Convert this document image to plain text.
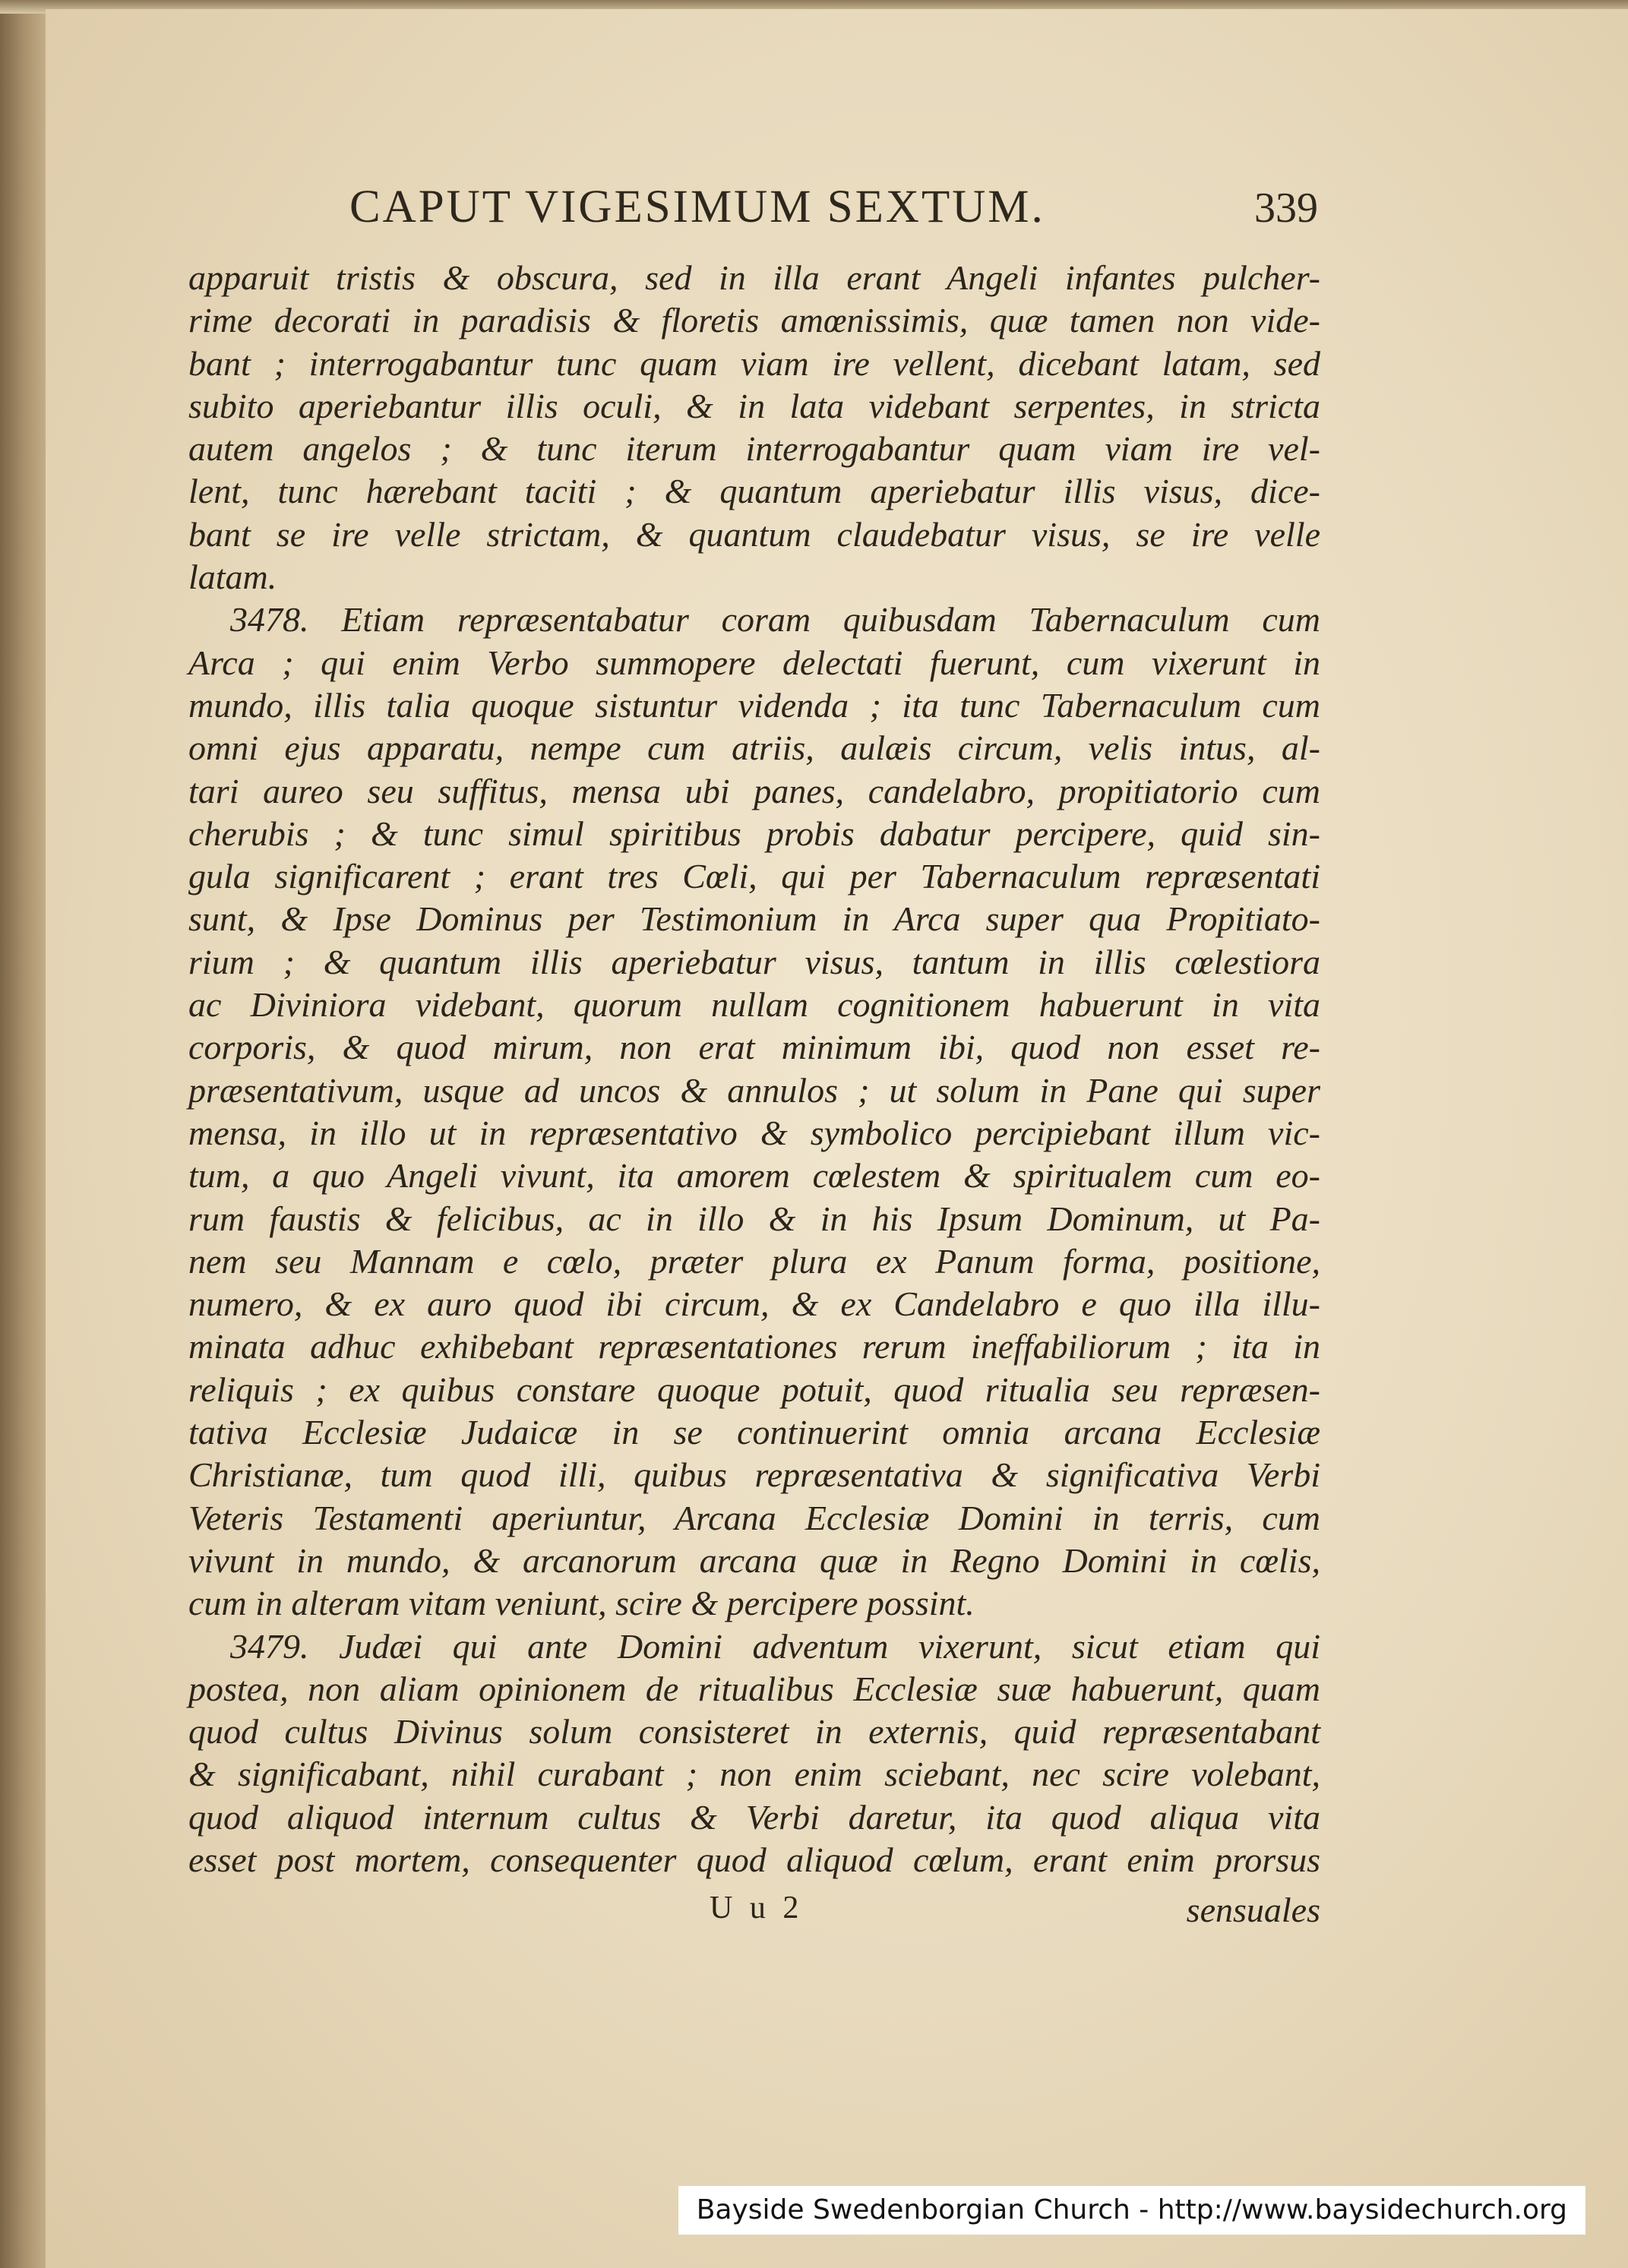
CAPUT VIGESIMUM SEXTUM.	339
apparuit tristis & obscura, sed in illa erant Angeli infantes pulcher-
rime decorati in paradisis & floretis amœnissimis, quæ tamen non vide-
bant ; interrogabantur tunc quam viam ire vellent, dicebant latam, sed
subito aperiebantur illis oculi, & in lata videbant serpentes, in stricta
autem angelos ; & tunc iterum interrogabantur quam viam ire vel-
lent, tunc hærebant taciti ; & quantum aperiebatur illis visus, dice-
bant se ire velle strictam, & quantum claudebatur visus, se ire velle
latam.
3478. Etiam repræsentabatur coram quibusdam Tabernaculum cum
Arca ; qui enim Verbo summopere delectati fuerunt, cum vixerunt in
mundo, illis talia quoque sistuntur videnda ; ita tunc Tabernaculum cum
omni ejus apparatu, nempe cum atriis, aulæis circum, velis intus, al-
tari aureo seu suffitus, mensa ubi panes, candelabro, propitiatorio cum
cherubis ; & tunc simul spiritibus probis dabatur percipere, quid sin-
gula significarent ; erant tres Cœli, qui per Tabernaculum repræsentati
sunt, & Ipse Dominus per Testimonium in Arca super qua Propitiato-
rium ; & quantum illis aperiebatur visus, tantum in illis cœlestiora
ac Diviniora videbant, quorum nullam cognitionem habuerunt in vita
corporis, & quod mirum, non erat minimum ibi, quod non esset re-
præsentativum, usque ad uncos & annulos ; ut solum in Pane qui super
mensa, in illo ut in repræsentativo & symbolico percipiebant illum vic-
tum, a quo Angeli vivunt, ita amorem cœlestem & spiritualem cum eo-
rum faustis & felicibus, ac in illo & in his Ipsum Dominum, ut Pa-
nem seu Mannam e cœlo, præter plura ex Panum forma, positione,
numero, & ex auro quod ibi circum, & ex Candelabro e quo illa illu-
minata adhuc exhibebant repræsentationes rerum ineffabiliorum ; ita in
reliquis ; ex quibus constare quoque potuit, quod ritualia seu repræsen-
tativa Ecclesiæ Judaicæ in se continuerint omnia arcana Ecclesiæ
Christianæ, tum quod illi, quibus repræsentativa & significativa Verbi
Veteris Testamenti aperiuntur, Arcana Ecclesiæ Domini in terris, cum
vivunt in mundo, & arcanorum arcana quæ in Regno Domini in cœlis,
cum in alteram vitam veniunt, scire & percipere possint.
3479. Judæi qui ante Domini adventum vixerunt, sicut etiam qui
postea, non aliam opinionem de ritualibus Ecclesiæ suæ habuerunt, quam
quod cultus Divinus solum consisteret in externis, quid repræsentabant
& significabant, nihil curabant ; non enim sciebant, nec scire volebant,
quod aliquod internum cultus & Verbi daretur, ita quod aliqua vita
esset post mortem, consequenter quod aliquod cœlum, erant enim prorsus
U u 2	sensuales
Bayside Swedenborgian Church - http://www.baysidechurch.org
